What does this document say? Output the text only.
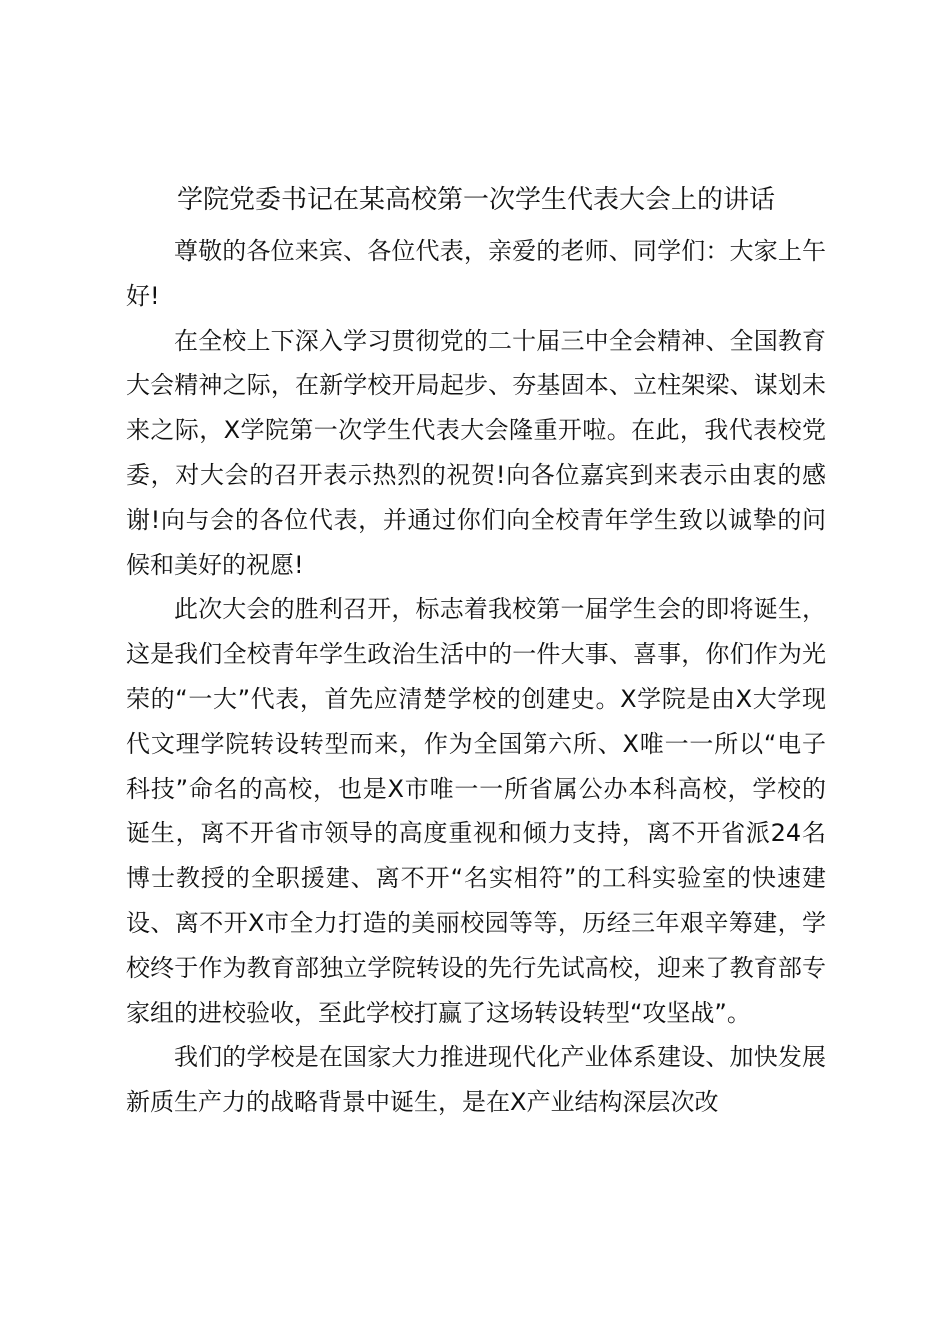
学院党委书记在某高校第一次学生代表大会上的讲话

尊敬的各位来宾、各位代表，亲爱的老师、同学们：大家上午好!

在全校上下深入学习贯彻党的二十届三中全会精神、全国教育大会精神之际，在新学校开局起步、夯基固本、立柱架梁、谋划未来之际，X学院第一次学生代表大会隆重开啦。在此，我代表校党委，对大会的召开表示热烈的祝贺!向各位嘉宾到来表示由衷的感谢!向与会的各位代表，并通过你们向全校青年学生致以诚挚的问候和美好的祝愿!

此次大会的胜利召开，标志着我校第一届学生会的即将诞生，这是我们全校青年学生政治生活中的一件大事、喜事，你们作为光荣的“一大”代表，首先应清楚学校的创建史。X学院是由X大学现代文理学院转设转型而来，作为全国第六所、X唯一一所以“电子科技”命名的高校，也是X市唯一一所省属公办本科高校，学校的诞生，离不开省市领导的高度重视和倾力支持，离不开省派24名博士教授的全职援建、离不开“名实相符”的工科实验室的快速建设、离不开X市全力打造的美丽校园等等，历经三年艰辛筹建，学校终于作为教育部独立学院转设的先行先试高校，迎来了教育部专家组的进校验收，至此学校打赢了这场转设转型“攻坚战”。

我们的学校是在国家大力推进现代化产业体系建设、加快发展新质生产力的战略背景中诞生，是在X产业结构深层次改
